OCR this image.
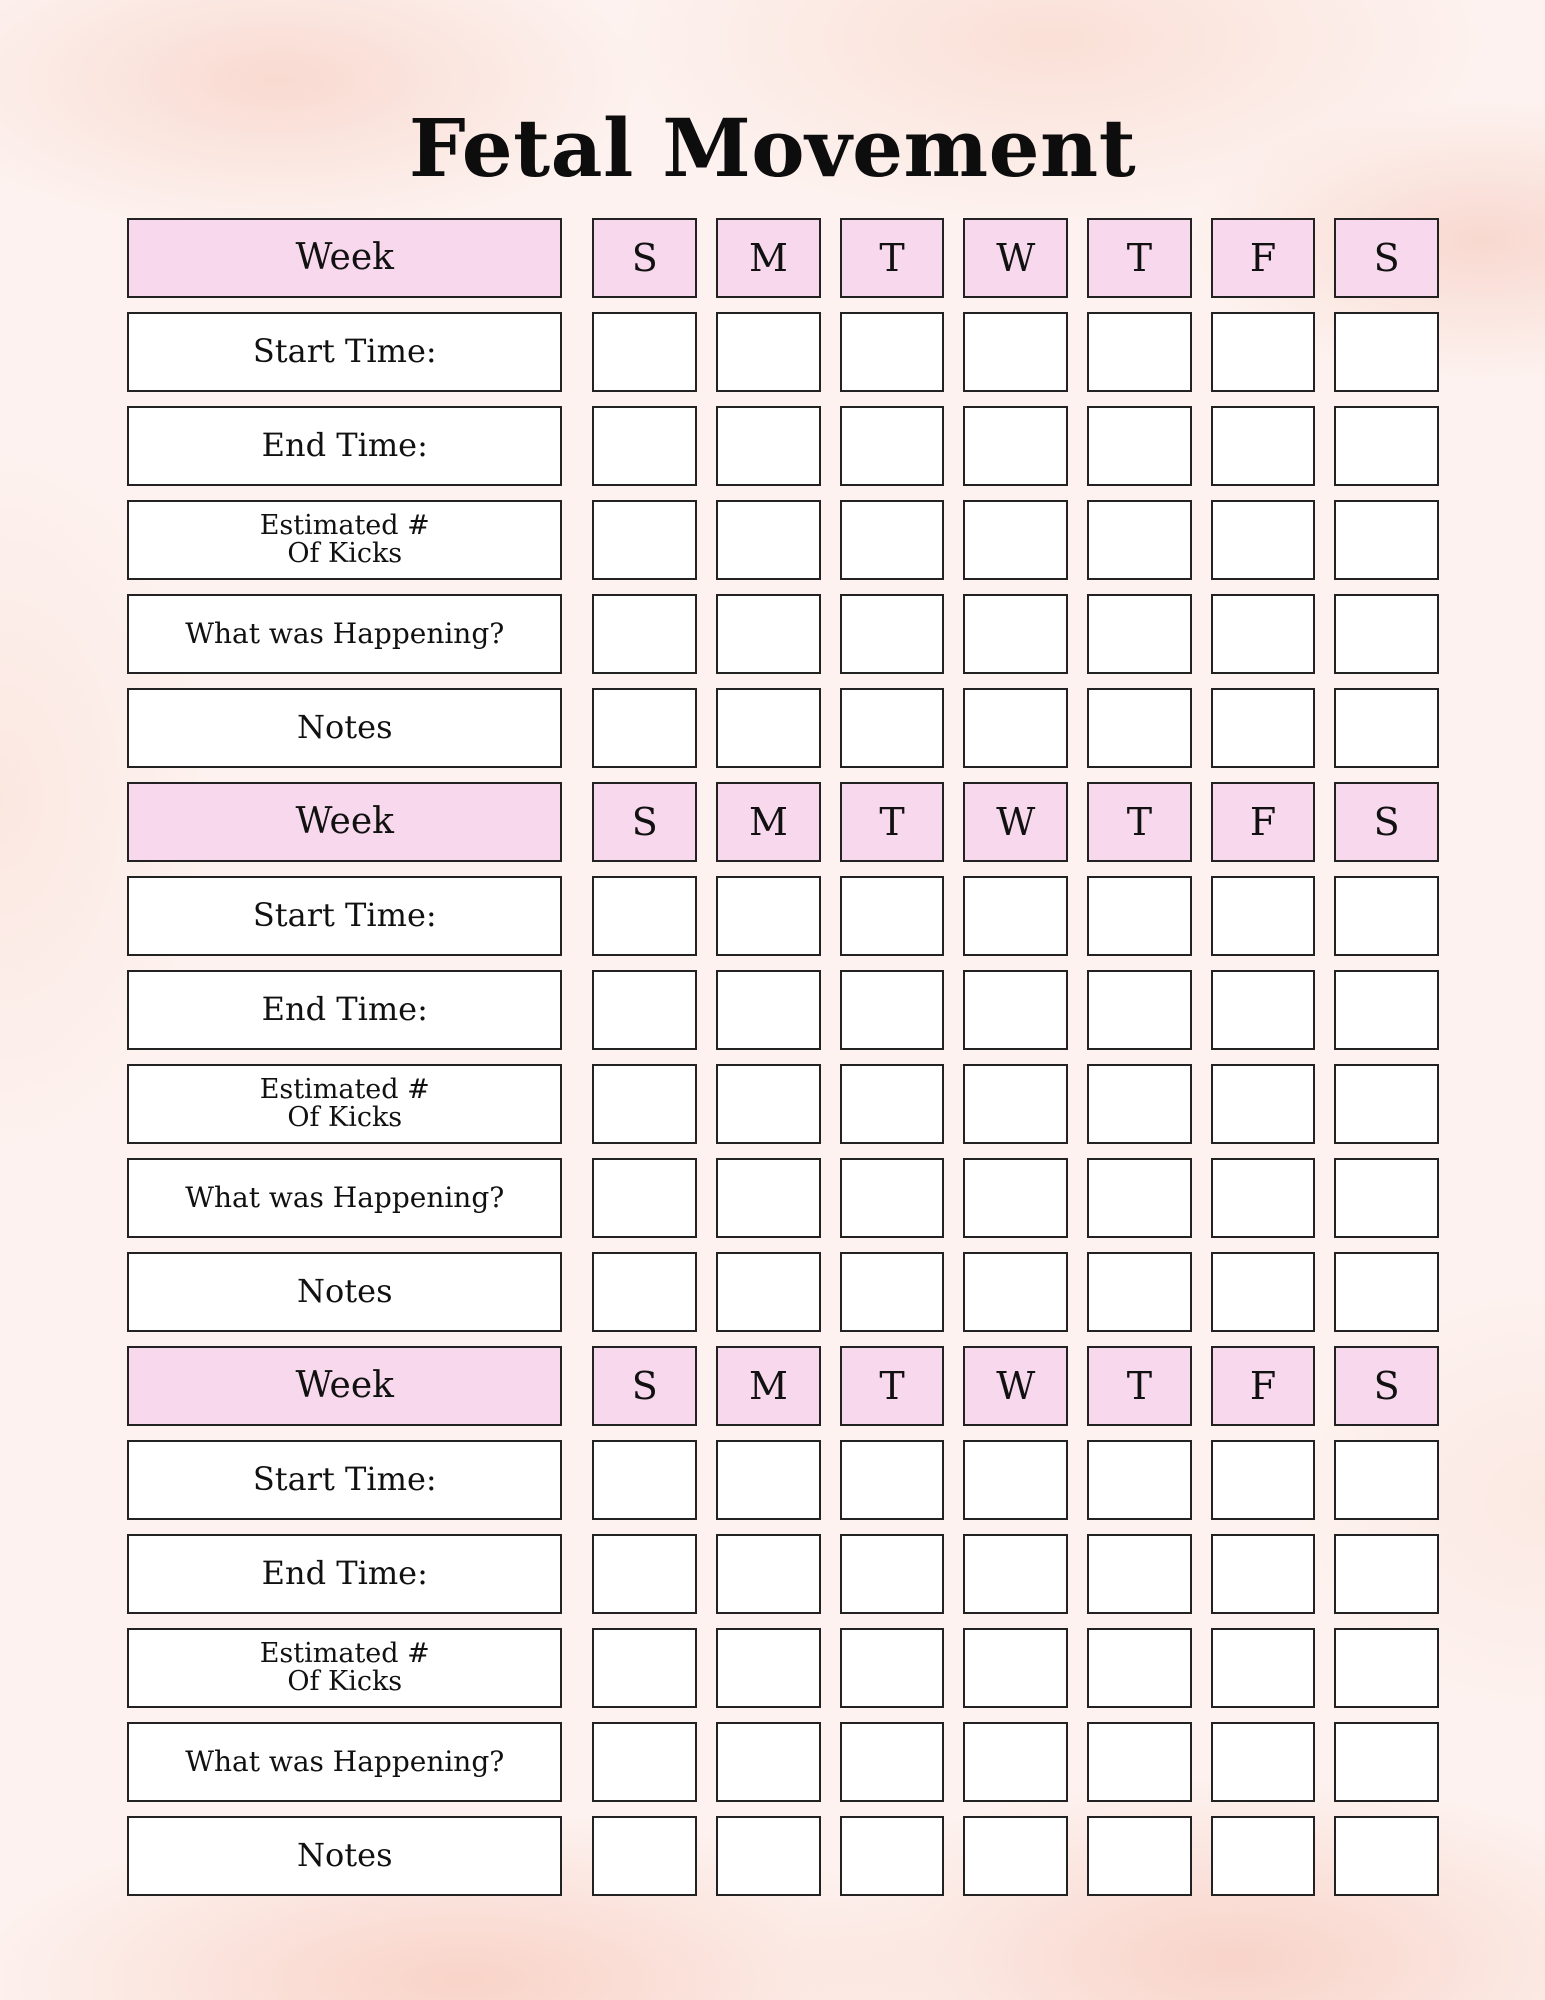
Fetal Movement
Week	S	M	T	W	T	F	S
Start Time:
End Time:
Estimated #
Of Kicks
What was Happening?
Notes
Week	S	M	T	W	T	F	S
Start Time:
End Time:
Estimated #
Of Kicks
What was Happening?
Notes
Week	S	M	T	W	T	F	S
Start Time:
End Time:
Estimated #
Of Kicks
What was Happening?
Notes
